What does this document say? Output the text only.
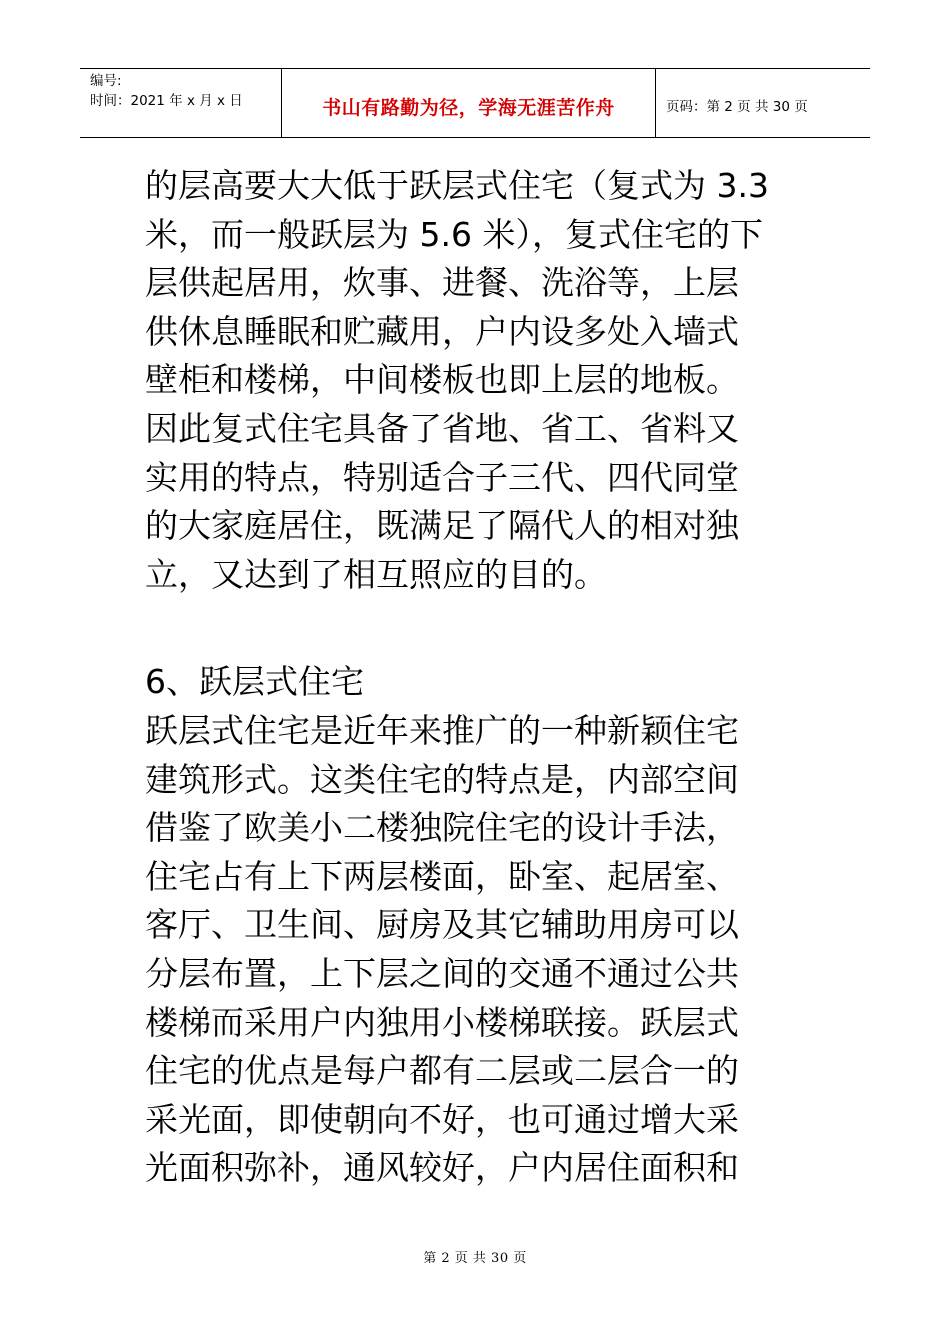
编号:
时间：2021 年 x 月 x 日	书山有路勤为径，学海无涯苦作舟	页码：第 2 页 共 30 页
的层高要大大低于跃层式住宅（复式为 3.3
米，而一般跃层为 5.6 米），复式住宅的下
层供起居用，炊事、进餐、洗浴等，上层
供休息睡眠和贮藏用，户内设多处入墙式
壁柜和楼梯，中间楼板也即上层的地板。
因此复式住宅具备了省地、省工、省料又
实用的特点，特别适合子三代、四代同堂
的大家庭居住，既满足了隔代人的相对独
立，又达到了相互照应的目的。
6、跃层式住宅
跃层式住宅是近年来推广的一种新颖住宅
建筑形式。这类住宅的特点是，内部空间
借鉴了欧美小二楼独院住宅的设计手法，
住宅占有上下两层楼面，卧室、起居室、
客厅、卫生间、厨房及其它辅助用房可以
分层布置，上下层之间的交通不通过公共
楼梯而采用户内独用小楼梯联接。跃层式
住宅的优点是每户都有二层或二层合一的
采光面，即使朝向不好，也可通过增大采
光面积弥补，通风较好，户内居住面积和
第 2 页 共 30 页
